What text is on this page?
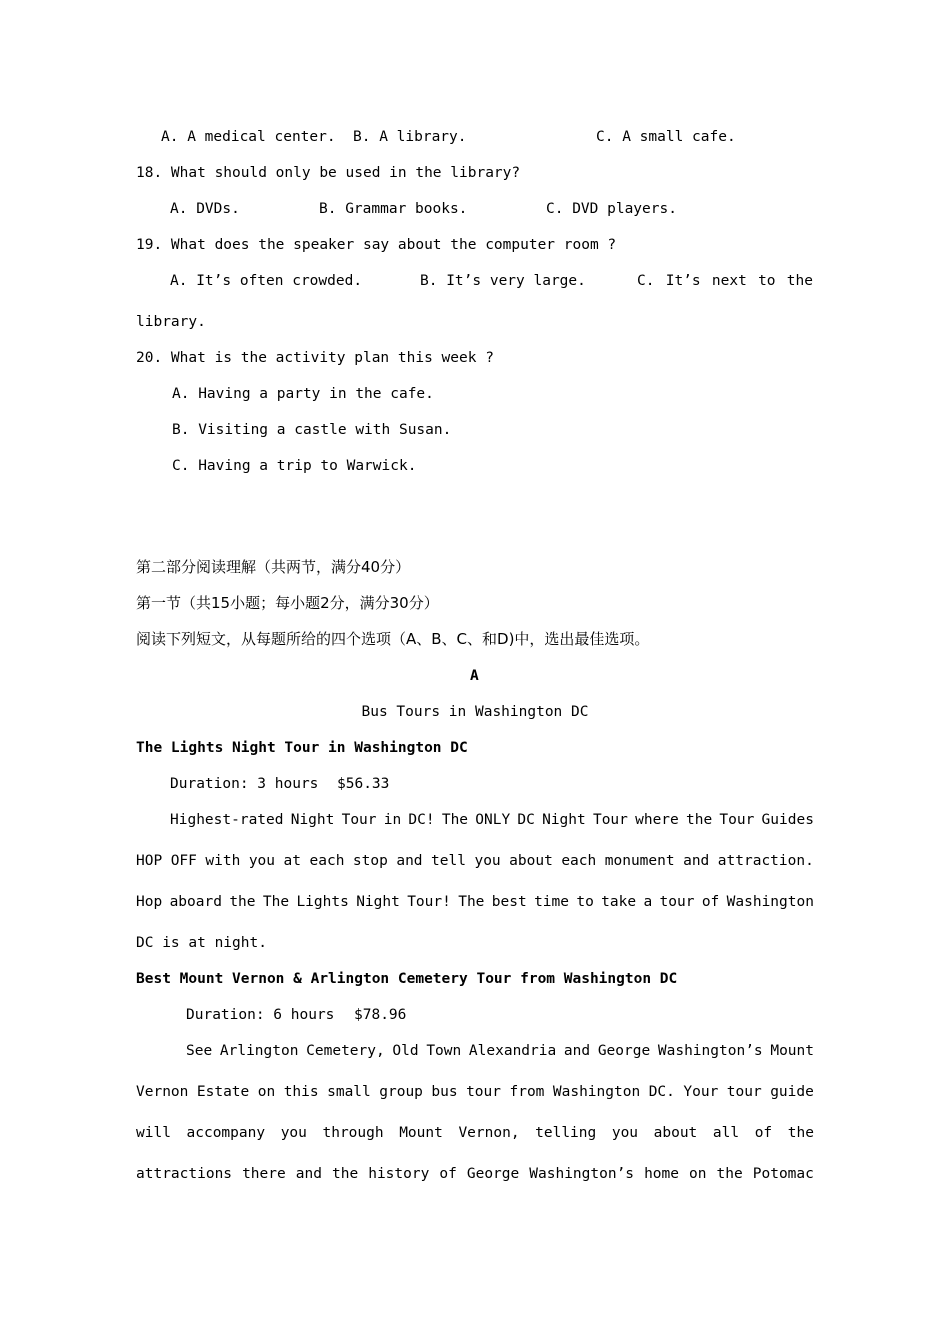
A. A medical center. B. A library.	C. A small cafe.
18. What should only be used in the library?
A. DVDs.	B. Grammar books.	C. DVD players.
19. What does the speaker say about the computer room ?
A. It’s often crowded.	B. It’s very large.	C. It’s next to the
library.
20. What is the activity plan this week ?
A. Having a party in the cafe.
B. Visiting a castle with Susan.
C. Having a trip to Warwick.
第二部分阅读理解（共两节，满分40分）
第一节（共15小题；每小题2分，满分30分）
阅读下列短文，从每题所给的四个选项（A、B、C、和D)中，选出最佳选项。
A
Bus Tours in Washington DC
The Lights Night Tour in Washington DC
Duration: 3 hours $56.33
Highest-rated Night Tour in DC! The ONLY DC Night Tour where the Tour Guides
HOP OFF with you at each stop and tell you about each monument and attraction.
Hop aboard the The Lights Night Tour! The best time to take a tour of Washington
DC is at night.
Best Mount Vernon & Arlington Cemetery Tour from Washington DC
Duration: 6 hours $78.96
See Arlington Cemetery, Old Town Alexandria and George Washington’s Mount
Vernon Estate on this small group bus tour from Washington DC. Your tour guide
will accompany you through Mount Vernon, telling you about all of the
attractions there and the history of George Washington’s home on the Potomac
